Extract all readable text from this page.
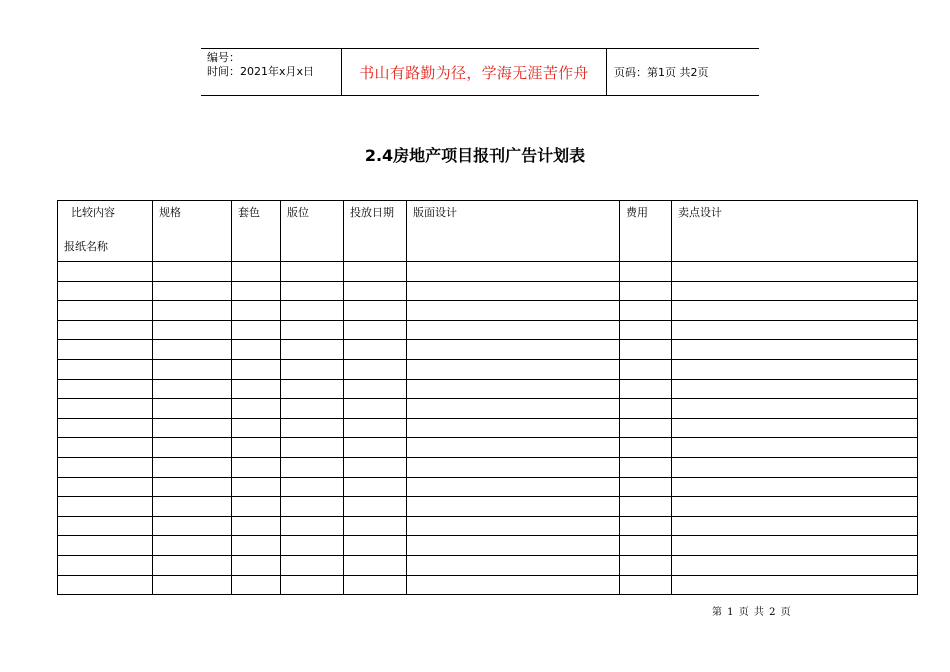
编号：
时间：2021年x月x日	书山有路勤为径，学海无涯苦作舟	页码：第1页 共2页
2.4房地产项目报刊广告计划表
比较内容
报纸名称	规格	套色	版位	投放日期	版面设计	费用	卖点设计

第 1 页 共 2 页
